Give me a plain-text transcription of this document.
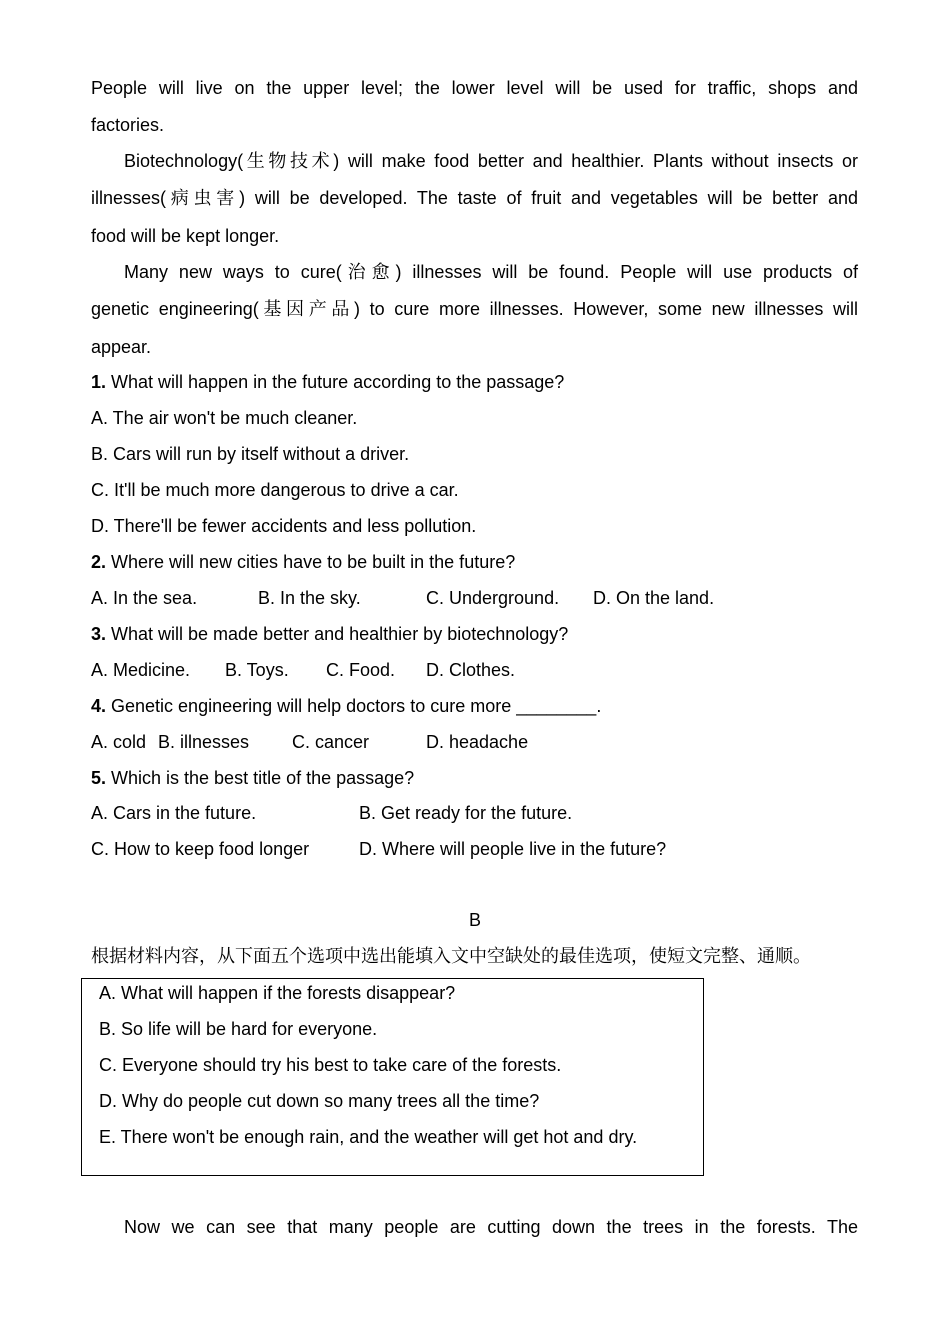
People will live on the upper level; the lower level will be used for traffic, shops and
factories.
Biotechnology(生物技术) will make food better and healthier. Plants without insects or
illnesses(病虫害) will be developed. The taste of fruit and vegetables will be better and
food will be kept longer.
Many new ways to cure(治愈) illnesses will be found. People will use products of
genetic engineering(基因产品) to cure more illnesses. However, some new illnesses will
appear.
1. What will happen in the future according to the passage?
A. The air won't be much cleaner.
B. Cars will run by itself without a driver.
C. It'll be much more dangerous to drive a car.
D. There'll be fewer accidents and less pollution.
2. Where will new cities have to be built in the future?
A. In the sea.	B. In the sky.	C. Underground. D. On the land.
3. What will be made better and healthier by biotechnology?
A. Medicine. B. Toys. C. Food. D. Clothes.
4. Genetic engineering will help doctors to cure more ________.
A. cold B. illnesses C. cancer	D. headache
5. Which is the best title of the passage?
A. Cars in the future.	B. Get ready for the future.
C. How to keep food longer	D. Where will people live in the future?
B
根据材料内容，从下面五个选项中选出能填入文中空缺处的最佳选项，使短文完整、通顺。
A. What will happen if the forests disappear?
B. So life will be hard for everyone.
C. Everyone should try his best to take care of the forests.
D. Why do people cut down so many trees all the time?
E. There won't be enough rain, and the weather will get hot and dry.
Now we can see that many people are cutting down the trees in the forests. The
